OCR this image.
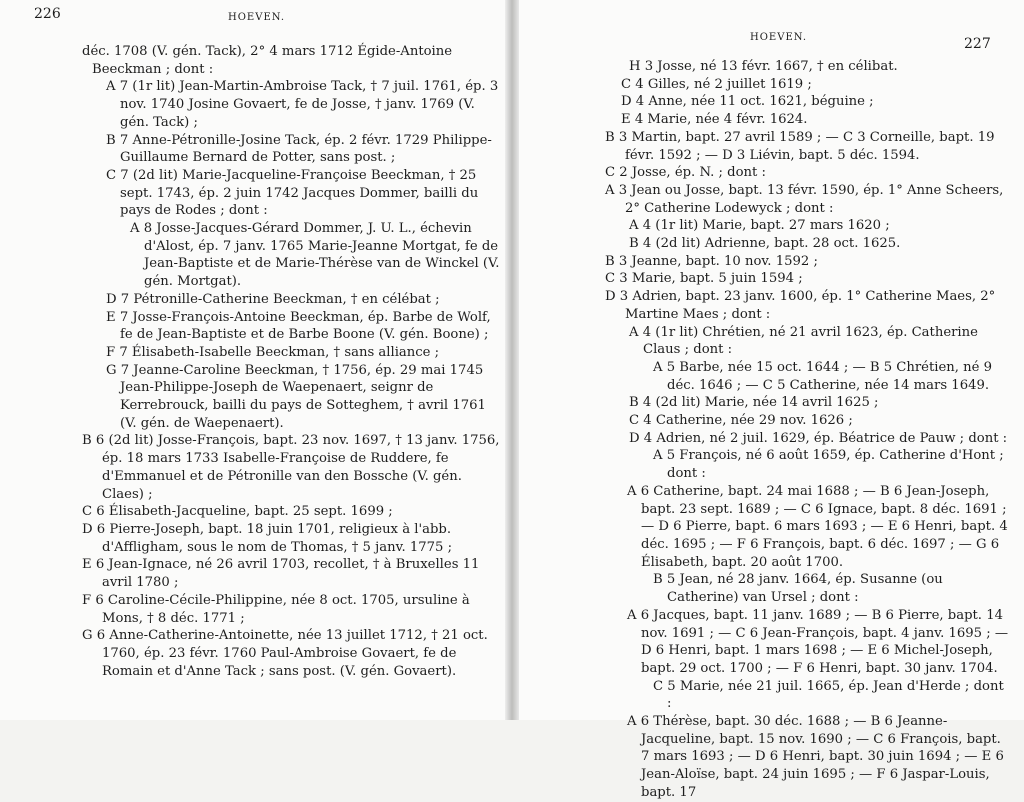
226	HOEVEN.
HOEVEN.	227

déc. 1708 (V. gén. Tack), 2° 4 mars 1712 Égide-Antoine Beeckman ; dont :

A 7 (1r lit) Jean-Martin-Ambroise Tack, † 7 juil. 1761, ép. 3 nov. 1740 Josine Govaert, fe de Josse, † janv. 1769 (V. gén. Tack) ;

B 7 Anne-Pétronille-Josine Tack, ép. 2 févr. 1729 Philippe-Guillaume Bernard de Potter, sans post. ;

C 7 (2d lit) Marie-Jacqueline-Françoise Beeckman, † 25 sept. 1743, ép. 2 juin 1742 Jacques Dommer, bailli du pays de Rodes ; dont :

A 8 Josse-Jacques-Gérard Dommer, J. U. L., échevin d'Alost, ép. 7 janv. 1765 Marie-Jeanne Mortgat, fe de Jean-Baptiste et de Marie-Thérèse van de Winckel (V. gén. Mortgat).

D 7 Pétronille-Catherine Beeckman, † en célébat ;

E 7 Josse-François-Antoine Beeckman, ép. Barbe de Wolf, fe de Jean-Baptiste et de Barbe Boone (V. gén. Boone) ;

F 7 Élisabeth-Isabelle Beeckman, † sans alliance ;

G 7 Jeanne-Caroline Beeckman, † 1756, ép. 29 mai 1745 Jean-Philippe-Joseph de Waepenaert, seignr de Kerrebrouck, bailli du pays de Sotteghem, † avril 1761 (V. gén. de Waepenaert).

B 6 (2d lit) Josse-François, bapt. 23 nov. 1697, † 13 janv. 1756, ép. 18 mars 1733 Isabelle-Françoise de Ruddere, fe d'Emmanuel et de Pétronille van den Bossche (V. gén. Claes) ;

C 6 Élisabeth-Jacqueline, bapt. 25 sept. 1699 ;

D 6 Pierre-Joseph, bapt. 18 juin 1701, religieux à l'abb. d'Affligham, sous le nom de Thomas, † 5 janv. 1775 ;

E 6 Jean-Ignace, né 26 avril 1703, recollet, † à Bruxelles 11 avril 1780 ;

F 6 Caroline-Cécile-Philippine, née 8 oct. 1705, ursuline à Mons, † 8 déc. 1771 ;

G 6 Anne-Catherine-Antoinette, née 13 juillet 1712, † 21 oct. 1760, ép. 23 févr. 1760 Paul-Ambroise Govaert, fe de Romain et d'Anne Tack ; sans post. (V. gén. Govaert).

H 3 Josse, né 13 févr. 1667, † en célibat.

C 4 Gilles, né 2 juillet 1619 ;

D 4 Anne, née 11 oct. 1621, béguine ;

E 4 Marie, née 4 févr. 1624.

B 3 Martin, bapt. 27 avril 1589 ; — C 3 Corneille, bapt. 19 févr. 1592 ; — D 3 Liévin, bapt. 5 déc. 1594.

C 2 Josse, ép. N. ; dont :

A 3 Jean ou Josse, bapt. 13 févr. 1590, ép. 1° Anne Scheers, 2° Catherine Lodewyck ; dont :

A 4 (1r lit) Marie, bapt. 27 mars 1620 ;

B 4 (2d lit) Adrienne, bapt. 28 oct. 1625.

B 3 Jeanne, bapt. 10 nov. 1592 ;

C 3 Marie, bapt. 5 juin 1594 ;

D 3 Adrien, bapt. 23 janv. 1600, ép. 1° Catherine Maes, 2° Martine Maes ; dont :

A 4 (1r lit) Chrétien, né 21 avril 1623, ép. Catherine Claus ; dont :

A 5 Barbe, née 15 oct. 1644 ; — B 5 Chrétien, né 9 déc. 1646 ; — C 5 Catherine, née 14 mars 1649.

B 4 (2d lit) Marie, née 14 avril 1625 ;

C 4 Catherine, née 29 nov. 1626 ;

D 4 Adrien, né 2 juil. 1629, ép. Béatrice de Pauw ; dont :

A 5 François, né 6 août 1659, ép. Catherine d'Hont ; dont :

A 6 Catherine, bapt. 24 mai 1688 ; — B 6 Jean-Joseph, bapt. 23 sept. 1689 ; — C 6 Ignace, bapt. 8 déc. 1691 ; — D 6 Pierre, bapt. 6 mars 1693 ; — E 6 Henri, bapt. 4 déc. 1695 ; — F 6 François, bapt. 6 déc. 1697 ; — G 6 Élisabeth, bapt. 20 août 1700.

B 5 Jean, né 28 janv. 1664, ép. Susanne (ou Catherine) van Ursel ; dont :

A 6 Jacques, bapt. 11 janv. 1689 ; — B 6 Pierre, bapt. 14 nov. 1691 ; — C 6 Jean-François, bapt. 4 janv. 1695 ; — D 6 Henri, bapt. 1 mars 1698 ; — E 6 Michel-Joseph, bapt. 29 oct. 1700 ; — F 6 Henri, bapt. 30 janv. 1704.

C 5 Marie, née 21 juil. 1665, ép. Jean d'Herde ; dont :

A 6 Thérèse, bapt. 30 déc. 1688 ; — B 6 Jeanne-Jacqueline, bapt. 15 nov. 1690 ; — C 6 François, bapt. 7 mars 1693 ; — D 6 Henri, bapt. 30 juin 1694 ; — E 6 Jean-Aloïse, bapt. 24 juin 1695 ; — F 6 Jaspar-Louis, bapt. 17
